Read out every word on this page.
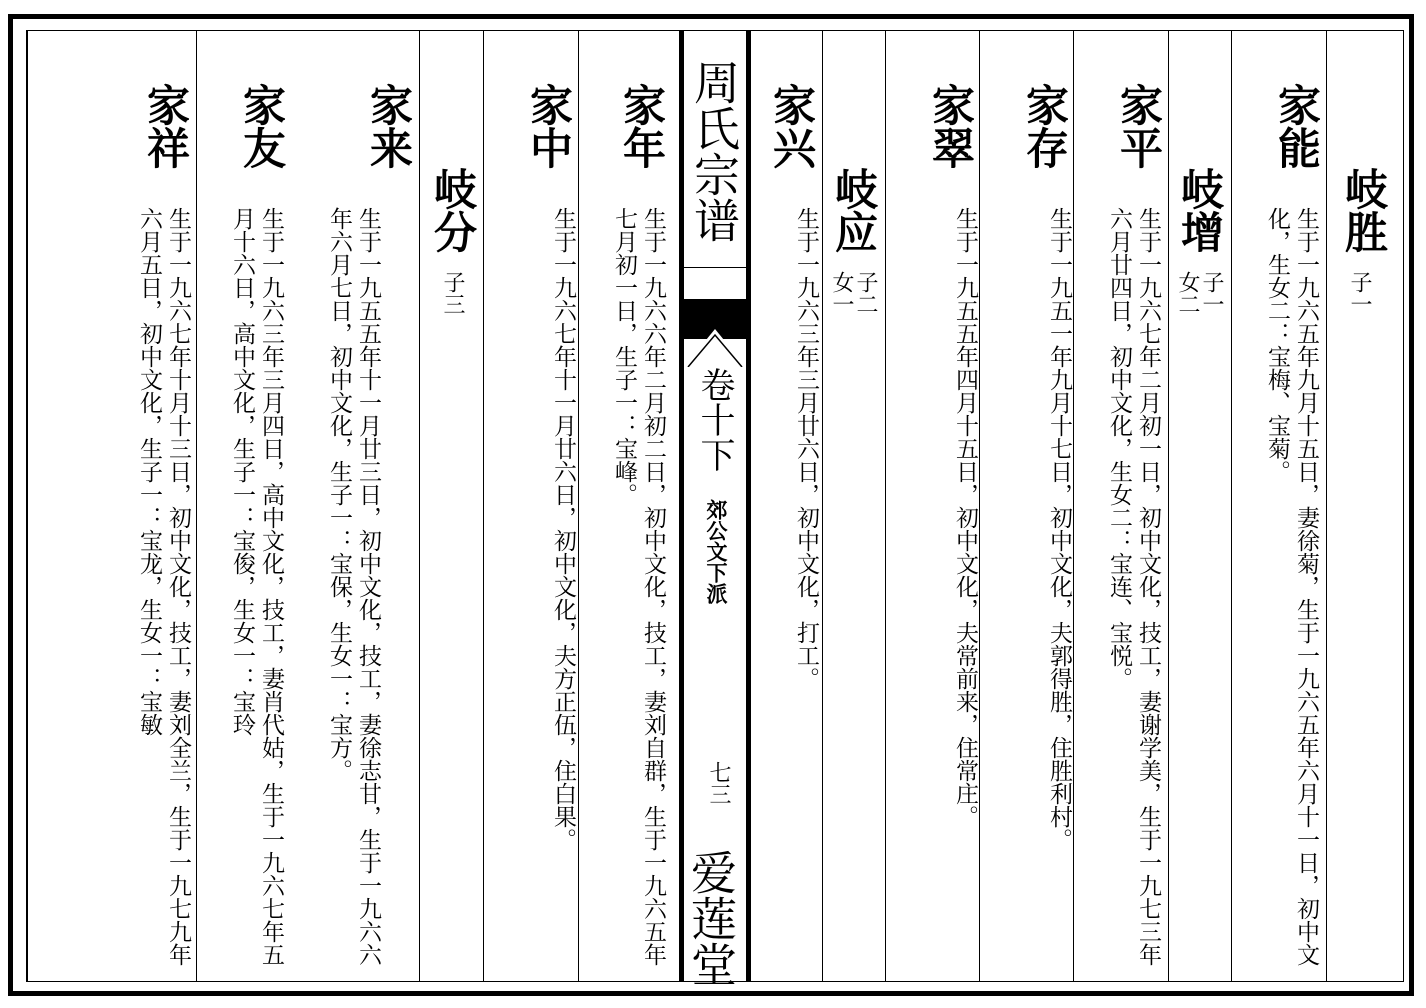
岐胜
子一
家能
生于一九六五年九月十五日，妻徐菊，生于一九六五年六月十一日，初中文化，生女二：宝梅、宝菊。
岐增
子一女二
家平
生于一九六七年二月初一日，初中文化，技工，妻谢学美，生于一九七三年六月廿四日，初中文化，生女二：宝连、宝悦。
家存
生于一九五一年九月十七日，初中文化，夫郭得胜，住胜利村。
家翠
生于一九五五年四月十五日，初中文化，夫常前来，住常庄。
岐应
子二女一
家兴
生于一九六三年三月廿六日，初中文化，打工。
周氏宗谱
卷十下
郊公文下派
七三
爱莲堂
家年
生于一九六六年二月初二日，初中文化，技工，妻刘自群，生于一九六五年七月初一日，生子一：宝峰。
家中
生于一九六七年十一月廿六日，初中文化，夫方正伍，住白果。
岐分
子三
家来
生于一九五五年十一月廿三日，初中文化，技工，妻徐志甘，生于一九六六年六月七日，初中文化，生子一：宝保，生女一：宝方。
家友
生于一九六三年三月四日，高中文化，技工，妻肖代姑，生于一九六七年五月十六日，高中文化，生子一：宝俊，生女一：宝玲
家祥
生于一九六七年十月十三日，初中文化，技工，妻刘全兰，生于一九七九年六月五日，初中文化，生子一：宝龙，生女一：宝敏
